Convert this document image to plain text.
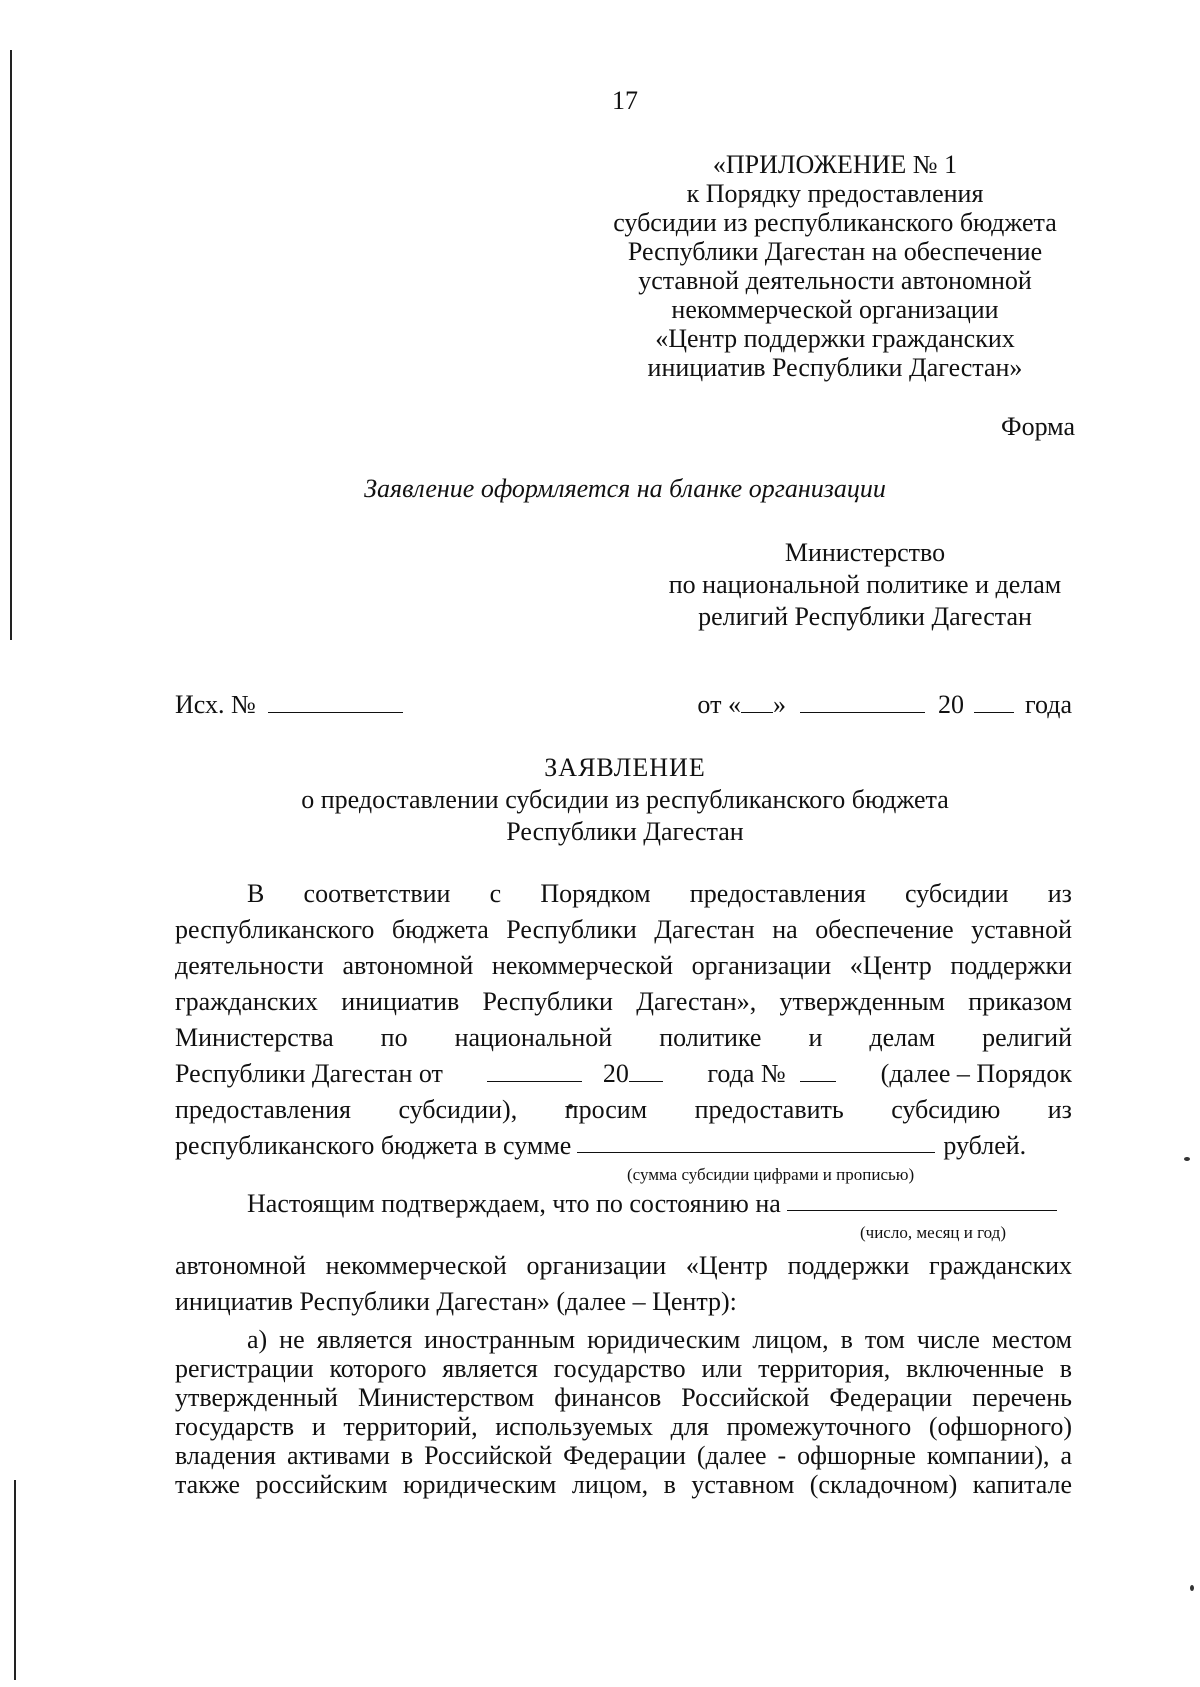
17
«ПРИЛОЖЕНИЕ № 1
к Порядку предоставления
субсидии из республиканского бюджета
Республики Дагестан на обеспечение
уставной деятельности автономной
некоммерческой организации
«Центр поддержки гражданских
инициатив Республики Дагестан»
Форма
Заявление оформляется на бланке организации
Министерство
по национальной политике и делам
религий Республики Дагестан
Исх. №	от « »	20 года
ЗАЯВЛЕНИЕ
о предоставлении субсидии из республиканского бюджета
Республики Дагестан
В соответствии с Порядком предоставления субсидии из
республиканского бюджета Республики Дагестан на обеспечение уставной
деятельности автономной некоммерческой организации «Центр поддержки
гражданских инициатив Республики Дагестан», утвержденным приказом
Министерства по национальной политике и делам религий
Республики Дагестан от	20	года №	(далее – Порядок
предоставления субсидии), просим предоставить субсидию из
республиканского бюджета в сумме	рублей.
(сумма субсидии цифрами и прописью)
Настоящим подтверждаем, что по состоянию на
(число, месяц и год)
автономной некоммерческой организации «Центр поддержки гражданских
инициатив Республики Дагестан» (далее – Центр):
а) не является иностранным юридическим лицом, в том числе местом
регистрации которого является государство или территория, включенные в
утвержденный Министерством финансов Российской Федерации перечень
государств и территорий, используемых для промежуточного (офшорного)
владения активами в Российской Федерации (далее - офшорные компании), а
также российским юридическим лицом, в уставном (складочном) капитале
